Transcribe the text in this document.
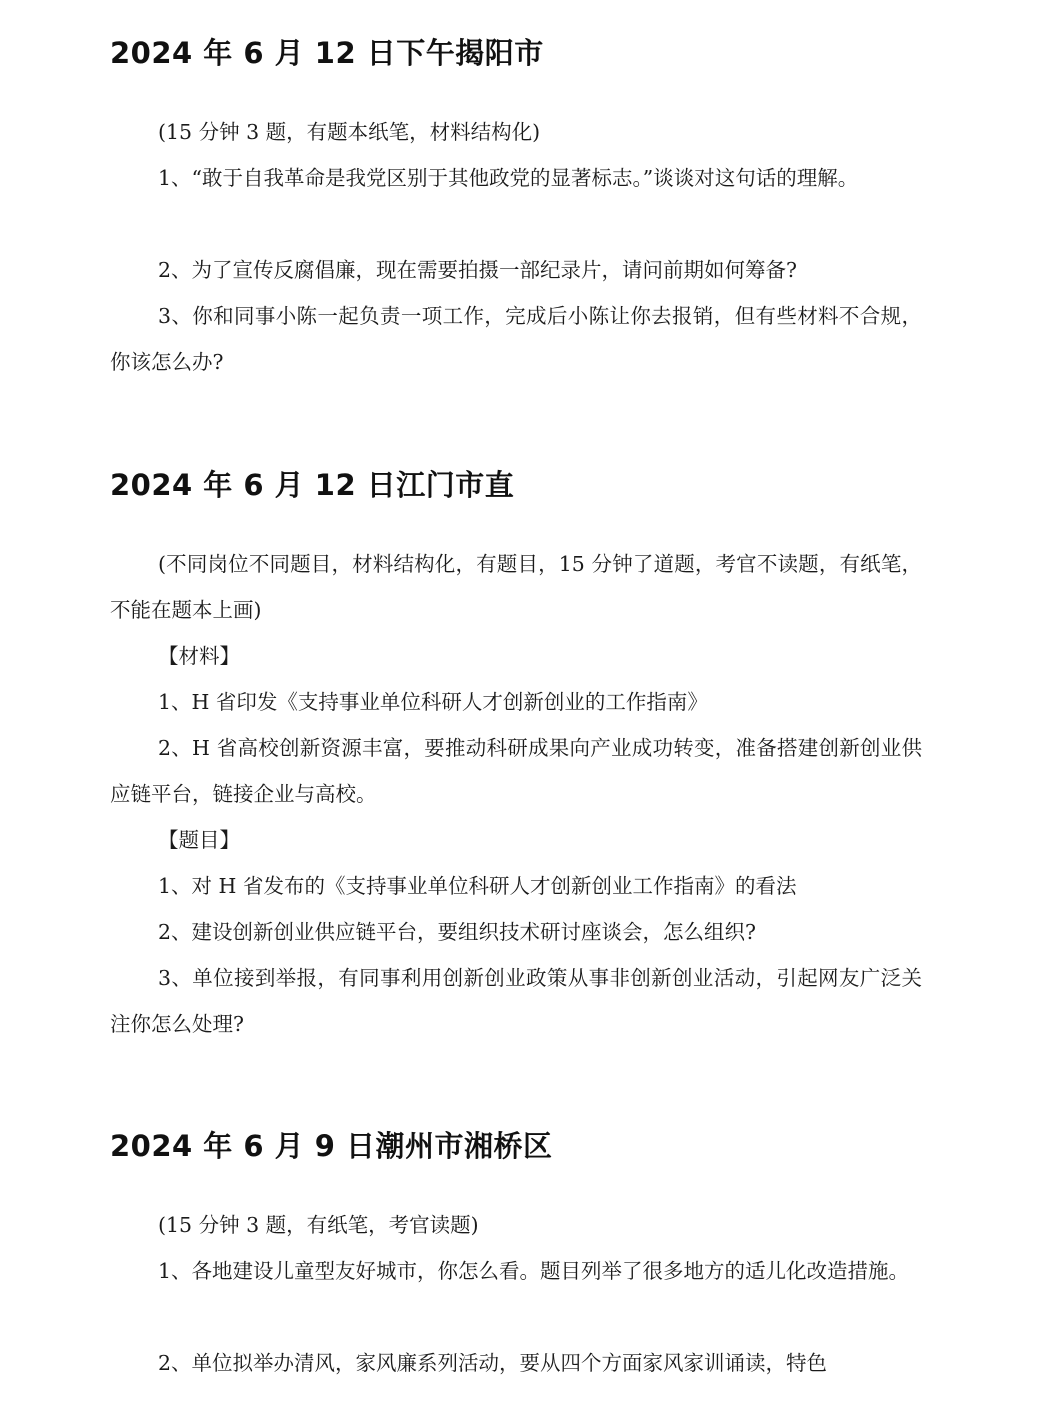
2024 年 6 月 12 日下午揭阳市

(15 分钟 3 题，有题本纸笔，材料结构化)

1、“敢于自我革命是我党区别于其他政党的显著标志。”谈谈对这句话的理解。

2、为了宣传反腐倡廉，现在需要拍摄一部纪录片，请问前期如何筹备?

3、你和同事小陈一起负责一项工作，完成后小陈让你去报销，但有些材料不合规，你该怎么办?

2024 年 6 月 12 日江门市直

(不同岗位不同题目，材料结构化，有题目，15 分钟了道题，考官不读题，有纸笔，不能在题本上画)

【材料】

1、H 省印发《支持事业单位科研人才创新创业的工作指南》

2、H 省高校创新资源丰富，要推动科研成果向产业成功转变，准备搭建创新创业供应链平台，链接企业与高校。

【题目】

1、对 H 省发布的《支持事业单位科研人才创新创业工作指南》的看法

2、建设创新创业供应链平台，要组织技术研讨座谈会，怎么组织?

3、单位接到举报，有同事利用创新创业政策从事非创新创业活动，引起网友广泛关注你怎么处理?

2024 年 6 月 9 日潮州市湘桥区

(15 分钟 3 题，有纸笔，考官读题)

1、各地建设儿童型友好城市，你怎么看。题目列举了很多地方的适儿化改造措施。

2、单位拟举办清风，家风廉系列活动，要从四个方面家风家训诵读，特色
